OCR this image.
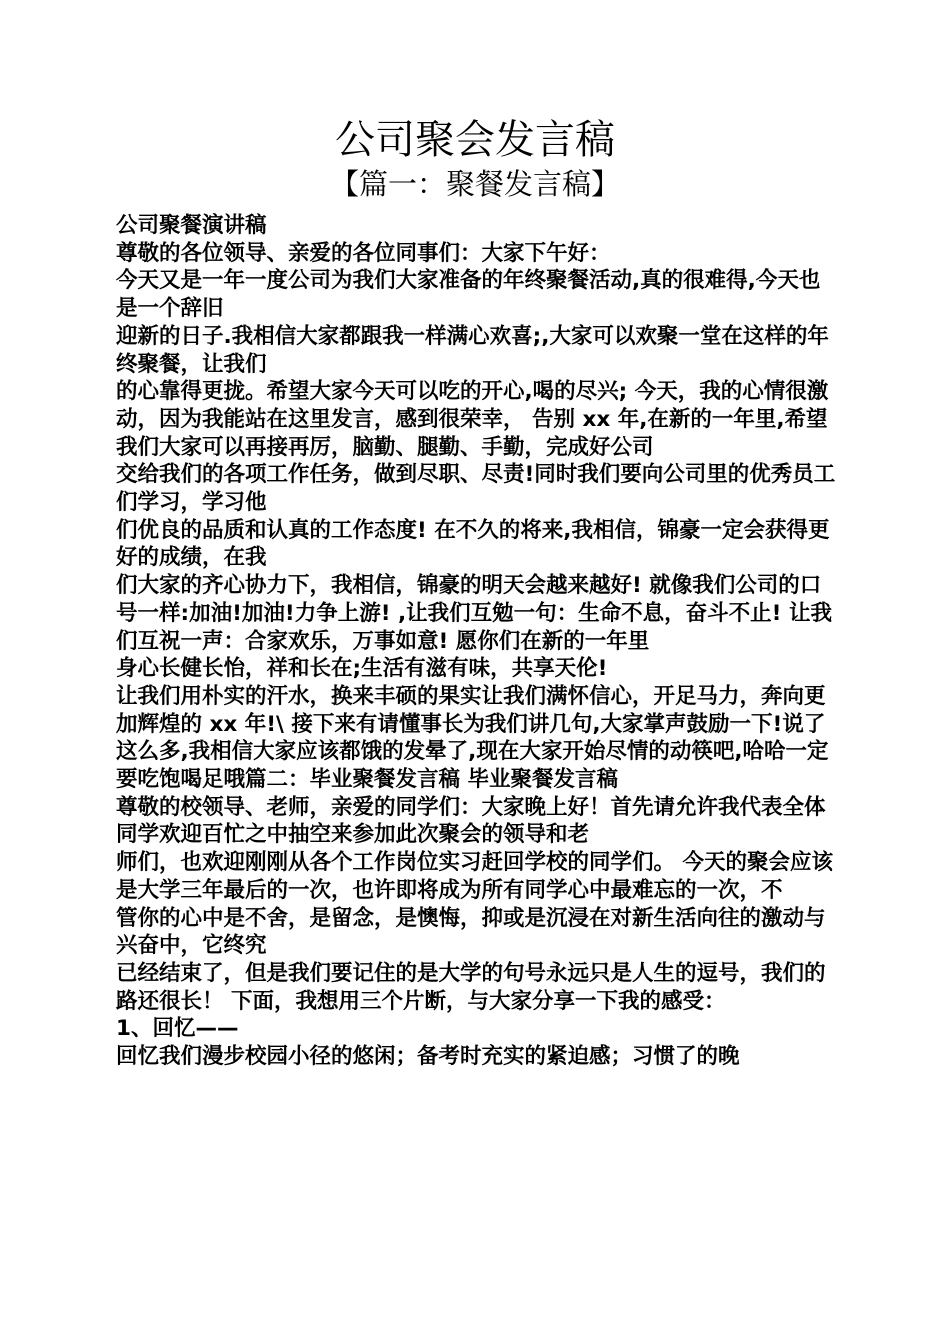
公司聚会发言稿
【篇一：聚餐发言稿】

公司聚餐演讲稿

尊敬的各位领导、亲爱的各位同事们：大家下午好：

今天又是一年一度公司为我们大家准备的年终聚餐活动,真的很难得,今天也是一个辞旧

迎新的日子.我相信大家都跟我一样满心欢喜;,大家可以欢聚一堂在这样的年终聚餐，让我们

的心靠得更拢。希望大家今天可以吃的开心,喝的尽兴; 今天，我的心情很激动，因为我能站在这里发言，感到很荣幸， 告别 xx 年,在新的一年里,希望我们大家可以再接再厉，脑勤、腿勤、手勤，完成好公司

交给我们的各项工作任务，做到尽职、尽责!同时我们要向公司里的优秀员工们学习，学习他

们优良的品质和认真的工作态度! 在不久的将来,我相信，锦豪一定会获得更好的成绩，在我

们大家的齐心协力下，我相信，锦豪的明天会越来越好! 就像我们公司的口号一样:加油!加油!力争上游! ,让我们互勉一句：生命不息，奋斗不止! 让我们互祝一声：合家欢乐，万事如意! 愿你们在新的一年里

身心长健长怡，祥和长在;生活有滋有味，共享天伦!

让我们用朴实的汗水，换来丰硕的果实让我们满怀信心，开足马力，奔向更加辉煌的 xx 年!\ 接下来有请懂事长为我们讲几句,大家掌声鼓励一下!说了这么多,我相信大家应该都饿的发晕了,现在大家开始尽情的动筷吧,哈哈一定要吃饱喝足哦篇二：毕业聚餐发言稿 毕业聚餐发言稿

尊敬的校领导、老师，亲爱的同学们：大家晚上好！首先请允许我代表全体同学欢迎百忙之中抽空来参加此次聚会的领导和老

师们，也欢迎刚刚从各个工作岗位实习赶回学校的同学们。 今天的聚会应该是大学三年最后的一次，也许即将成为所有同学心中最难忘的一次，不

管你的心中是不舍，是留念，是懊悔，抑或是沉浸在对新生活向往的激动与兴奋中，它终究

已经结束了，但是我们要记住的是大学的句号永远只是人生的逗号，我们的路还很长！ 下面，我想用三个片断，与大家分享一下我的感受：

1、回忆——

回忆我们漫步校园小径的悠闲；备考时充实的紧迫感；习惯了的晚
